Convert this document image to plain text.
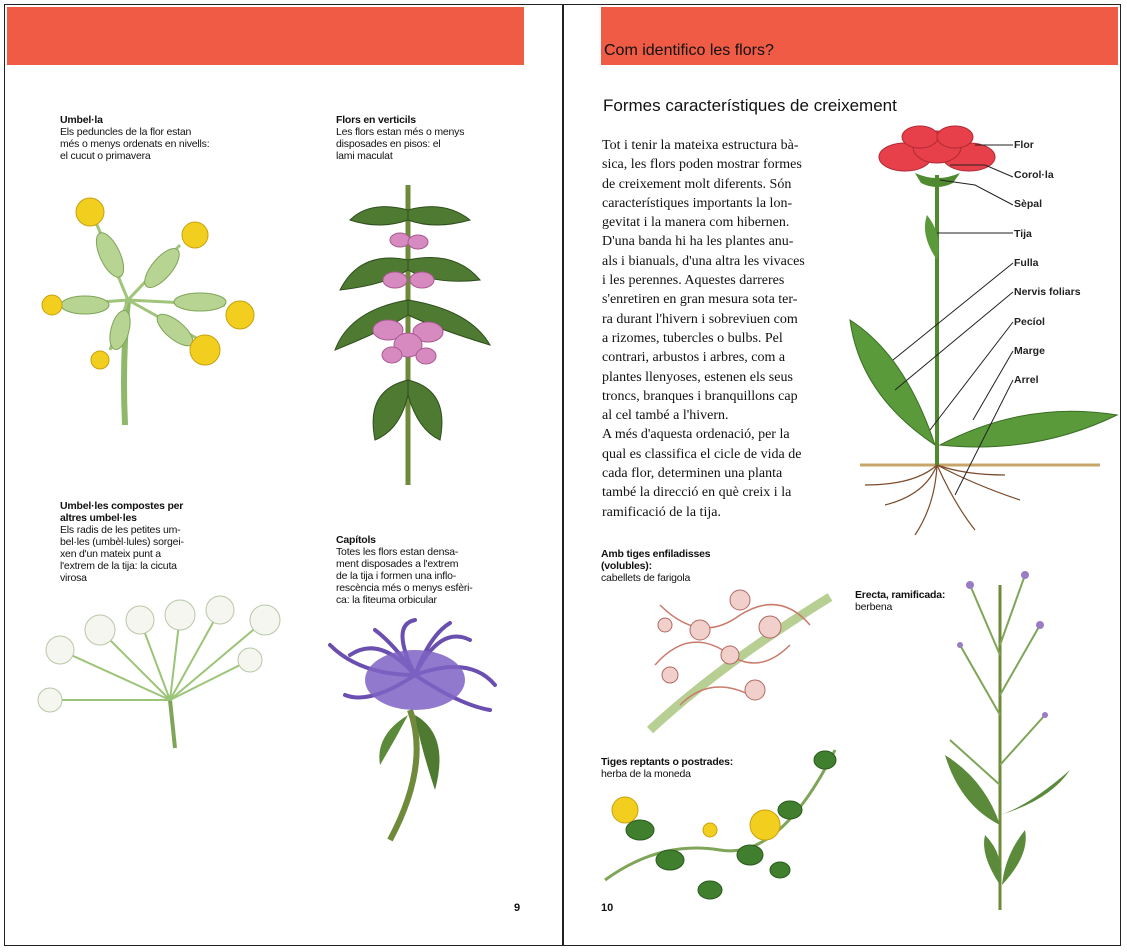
Com identifico les flors?
Umbel·la
Els peduncles de la flor estan
més o menys ordenats en nivells:
el cucut o primavera
Flors en verticils
Les flors estan més o menys
disposades en pisos: el
lami maculat
Umbel·les compostes per
altres umbel·les
Els radis de les petites um-
bel·les (umbèl·lules) sorgei-
xen d'un mateix punt a
l'extrem de la tija: la cicuta
virosa
Capítols
Totes les flors estan densa-
ment disposades a l'extrem
de la tija i formen una inflo-
rescència més o menys esfèri-
ca: la fiteuma orbicular
9
Formes característiques de creixement
Tot i tenir la mateixa estructura bà-
sica, les flors poden mostrar formes
de creixement molt diferents. Són
característiques importants la lon-
gevitat i la manera com hibernen.
D'una banda hi ha les plantes anu-
als i bianuals, d'una altra les vivaces
i les perennes. Aquestes darreres
s'enretiren en gran mesura sota ter-
ra durant l'hivern i sobreviuen com
a rizomes, tubercles o bulbs. Pel
contrari, arbustos i arbres, com a
plantes llenyoses, estenen els seus
troncs, branques i branquillons cap
al cel també a l'hivern.
A més d'aquesta ordenació, per la
qual es classifica el cicle de vida de
cada flor, determinen una planta
també la direcció en què creix i la
ramificació de la tija.
Flor
Corol·la
Sèpal
Tija
Fulla
Nervis foliars
Pecíol
Marge
Arrel
Amb tiges enfiladisses
(volubles):
cabellets de farigola
Erecta, ramificada:
berbena
Tiges reptants o postrades:
herba de la moneda
10
